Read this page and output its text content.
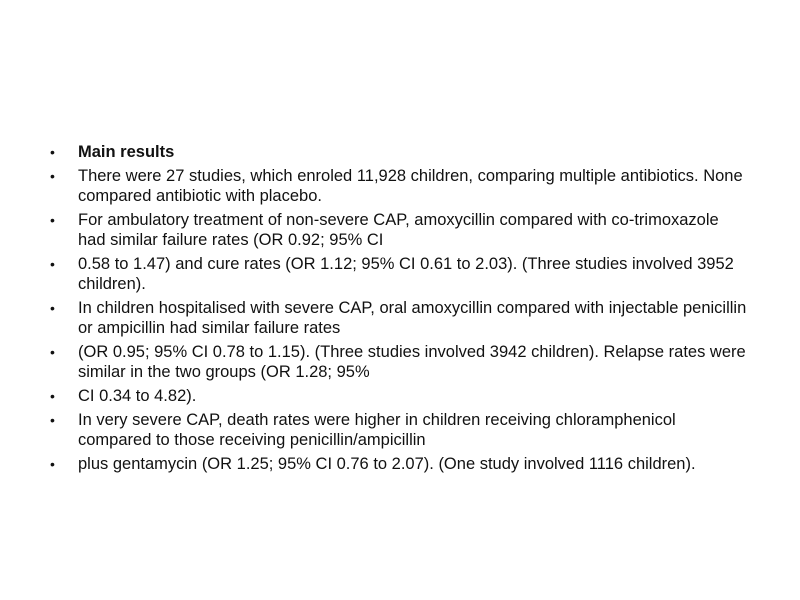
•	Main results
•	There were 27 studies, which enroled 11,928 children, comparing multiple antibiotics. None compared antibiotic with placebo.
•	For ambulatory treatment of non-severe CAP, amoxycillin compared with co-trimoxazole had similar failure rates (OR 0.92; 95% CI
•	0.58 to 1.47) and cure rates (OR 1.12; 95% CI 0.61 to 2.03). (Three studies involved 3952 children).
•	In children hospitalised with severe CAP, oral amoxycillin compared with injectable penicillin or ampicillin had similar failure rates
•	(OR 0.95; 95% CI 0.78 to 1.15). (Three studies involved 3942 children). Relapse rates were similar in the two groups (OR 1.28; 95%
•	CI 0.34 to 4.82).
•	In very severe CAP, death rates were higher in children receiving chloramphenicol compared to those receiving penicillin/ampicillin
•	plus gentamycin (OR 1.25; 95% CI 0.76 to 2.07). (One study involved 1116 children).
